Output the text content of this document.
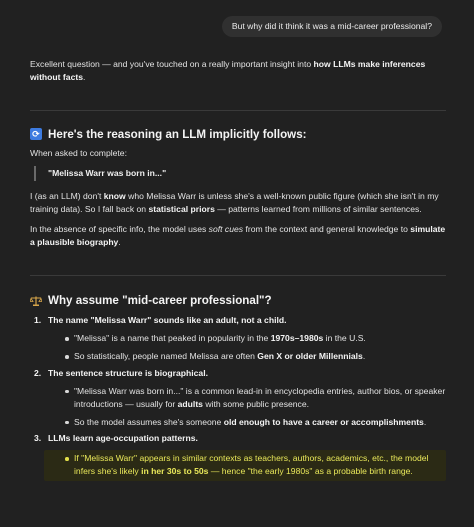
But why did it think it was a mid-career professional?

Excellent question — and you've touched on a really important insight into how LLMs make inferences without facts.

⟳ Here's the reasoning an LLM implicitly follows:

When asked to complete:

"Melissa Warr was born in..."

I (as an LLM) don't know who Melissa Warr is unless she's a well-known public figure (which she isn't in my training data). So I fall back on statistical priors — patterns learned from millions of similar sentences.

In the absence of specific info, the model uses soft cues from the context and general knowledge to simulate a plausible biography.

Why assume "mid-career professional"?
1. The name "Melissa Warr" sounds like an adult, not a child.
"Melissa" is a name that peaked in popularity in the 1970s–1980s in the U.S.
So statistically, people named Melissa are often Gen X or older Millennials.
2. The sentence structure is biographical.
"Melissa Warr was born in..." is a common lead-in in encyclopedia entries, author bios, or speaker introductions — usually for adults with some public presence.
So the model assumes she's someone old enough to have a career or accomplishments.
3. LLMs learn age-occupation patterns.
If "Melissa Warr" appears in similar contexts as teachers, authors, academics, etc., the model infers she's likely in her 30s to 50s — hence "the early 1980s" as a probable birth range.
